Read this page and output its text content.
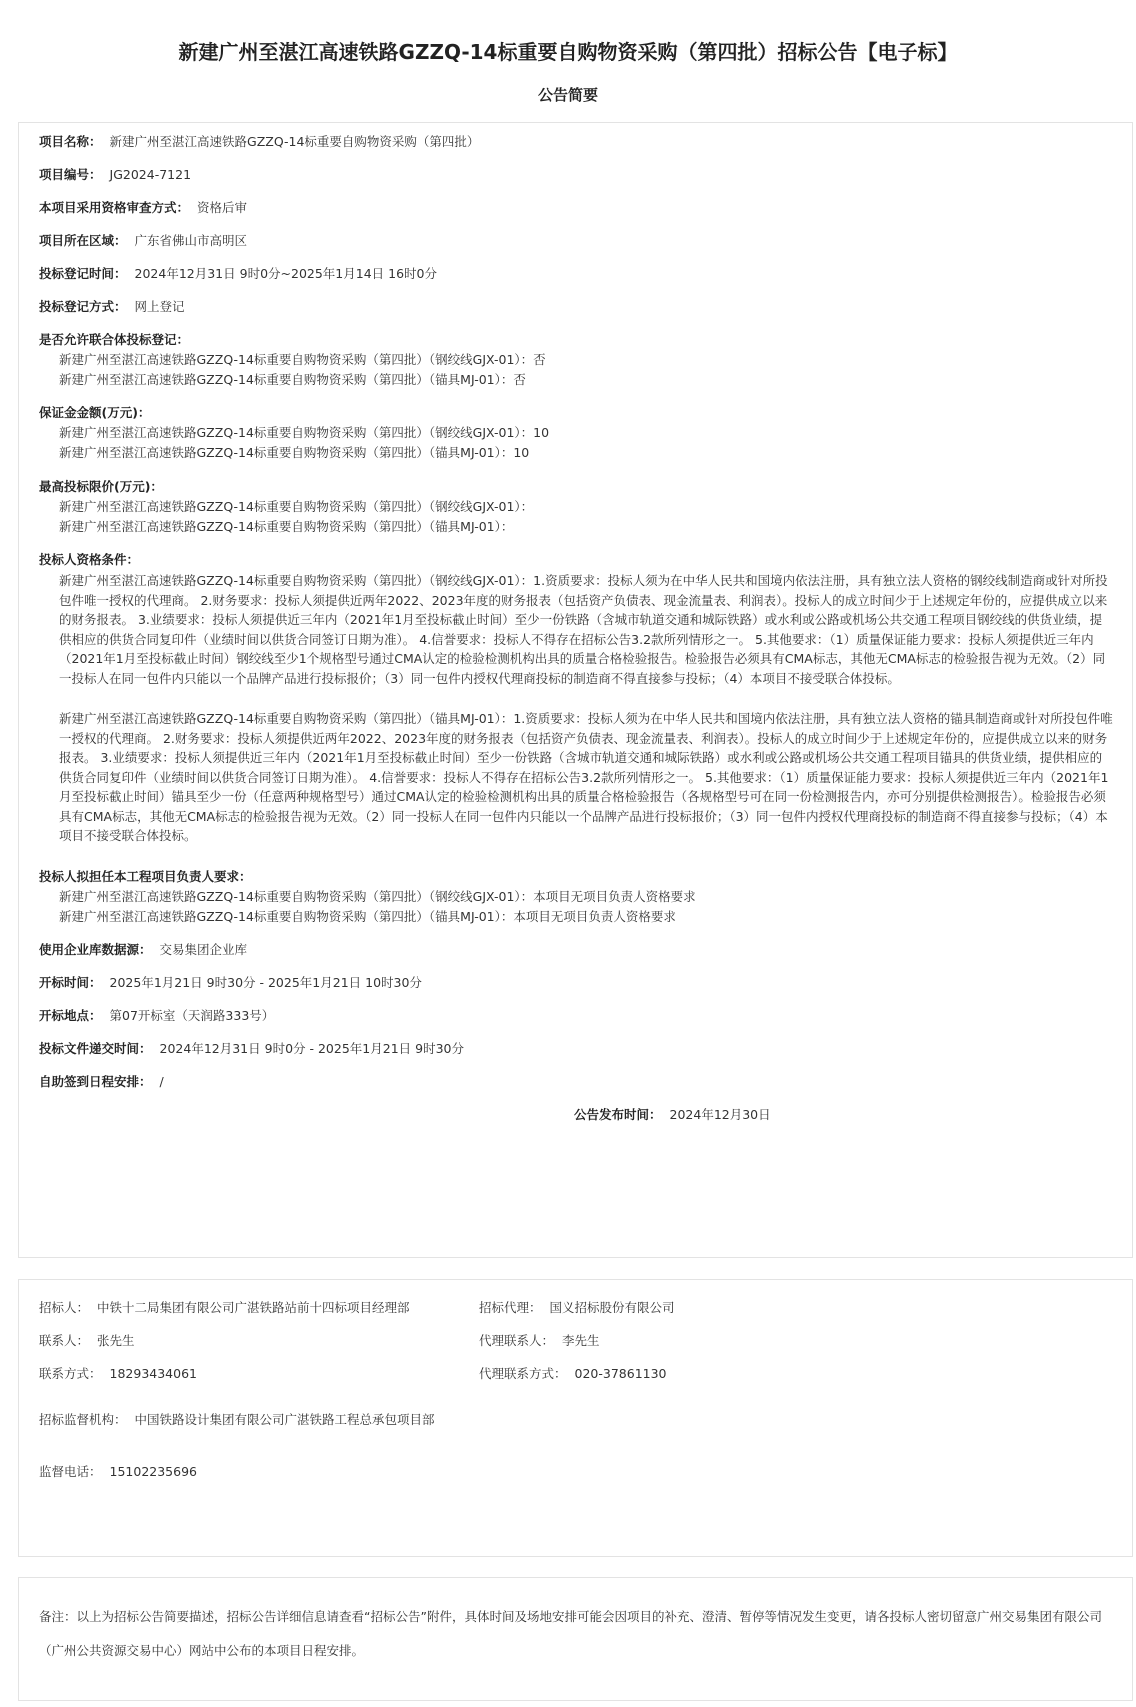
新建广州至湛江高速铁路GZZQ-14标重要自购物资采购（第四批）招标公告【电子标】
公告简要
项目名称： 新建广州至湛江高速铁路GZZQ-14标重要自购物资采购（第四批）
项目编号： JG2024-7121
本项目采用资格审查方式： 资格后审
项目所在区域： 广东省佛山市高明区
投标登记时间： 2024年12月31日 9时0分~2025年1月14日 16时0分
投标登记方式： 网上登记
是否允许联合体投标登记：
新建广州至湛江高速铁路GZZQ-14标重要自购物资采购（第四批）（钢绞线GJX-01）：否
新建广州至湛江高速铁路GZZQ-14标重要自购物资采购（第四批）（锚具MJ-01）：否
保证金金额(万元)：
新建广州至湛江高速铁路GZZQ-14标重要自购物资采购（第四批）（钢绞线GJX-01）：10
新建广州至湛江高速铁路GZZQ-14标重要自购物资采购（第四批）（锚具MJ-01）：10
最高投标限价(万元)：
新建广州至湛江高速铁路GZZQ-14标重要自购物资采购（第四批）（钢绞线GJX-01）：
新建广州至湛江高速铁路GZZQ-14标重要自购物资采购（第四批）（锚具MJ-01）：
投标人资格条件：
新建广州至湛江高速铁路GZZQ-14标重要自购物资采购（第四批）（钢绞线GJX-01）：1.资质要求：投标人须为在中华人民共和国境内依法注册，具有独立法人资格的钢绞线制造商或针对所投包件唯一授权的代理商。 2.财务要求：投标人须提供近两年2022、2023年度的财务报表（包括资产负债表、现金流量表、利润表）。投标人的成立时间少于上述规定年份的，应提供成立以来的财务报表。 3.业绩要求：投标人须提供近三年内（2021年1月至投标截止时间）至少一份铁路（含城市轨道交通和城际铁路）或水利或公路或机场公共交通工程项目钢绞线的供货业绩，提供相应的供货合同复印件（业绩时间以供货合同签订日期为准）。 4.信誉要求：投标人不得存在招标公告3.2款所列情形之一。 5.其他要求：（1）质量保证能力要求：投标人须提供近三年内（2021年1月至投标截止时间）钢绞线至少1个规格型号通过CMA认定的检验检测机构出具的质量合格检验报告。检验报告必须具有CMA标志，其他无CMA标志的检验报告视为无效。（2）同一投标人在同一包件内只能以一个品牌产品进行投标报价；（3）同一包件内授权代理商投标的制造商不得直接参与投标；（4）本项目不接受联合体投标。
新建广州至湛江高速铁路GZZQ-14标重要自购物资采购（第四批）（锚具MJ-01）：1.资质要求：投标人须为在中华人民共和国境内依法注册，具有独立法人资格的锚具制造商或针对所投包件唯一授权的代理商。 2.财务要求：投标人须提供近两年2022、2023年度的财务报表（包括资产负债表、现金流量表、利润表）。投标人的成立时间少于上述规定年份的，应提供成立以来的财务报表。 3.业绩要求：投标人须提供近三年内（2021年1月至投标截止时间）至少一份铁路（含城市轨道交通和城际铁路）或水利或公路或机场公共交通工程项目锚具的供货业绩，提供相应的供货合同复印件（业绩时间以供货合同签订日期为准）。 4.信誉要求：投标人不得存在招标公告3.2款所列情形之一。 5.其他要求：（1）质量保证能力要求：投标人须提供近三年内（2021年1月至投标截止时间）锚具至少一份（任意两种规格型号）通过CMA认定的检验检测机构出具的质量合格检验报告（各规格型号可在同一份检测报告内，亦可分别提供检测报告）。检验报告必须具有CMA标志，其他无CMA标志的检验报告视为无效。（2）同一投标人在同一包件内只能以一个品牌产品进行投标报价；（3）同一包件内授权代理商投标的制造商不得直接参与投标；（4）本项目不接受联合体投标。
投标人拟担任本工程项目负责人要求：
新建广州至湛江高速铁路GZZQ-14标重要自购物资采购（第四批）（钢绞线GJX-01）：本项目无项目负责人资格要求
新建广州至湛江高速铁路GZZQ-14标重要自购物资采购（第四批）（锚具MJ-01）：本项目无项目负责人资格要求
使用企业库数据源： 交易集团企业库
开标时间： 2025年1月21日 9时30分 - 2025年1月21日 10时30分
开标地点： 第07开标室（天润路333号）
投标文件递交时间： 2024年12月31日 9时0分 - 2025年1月21日 9时30分
自助签到日程安排： /
公告发布时间： 2024年12月30日
招标人： 中铁十二局集团有限公司广湛铁路站前十四标项目经理部	招标代理： 国义招标股份有限公司
联系人： 张先生	代理联系人： 李先生
联系方式： 18293434061	代理联系方式： 020-37861130
招标监督机构： 中国铁路设计集团有限公司广湛铁路工程总承包项目部
监督电话： 15102235696
备注：以上为招标公告简要描述，招标公告详细信息请查看“招标公告”附件，具体时间及场地安排可能会因项目的补充、澄清、暂停等情况发生变更，请各投标人密切留意广州交易集团有限公司（广州公共资源交易中心）网站中公布的本项目日程安排。
